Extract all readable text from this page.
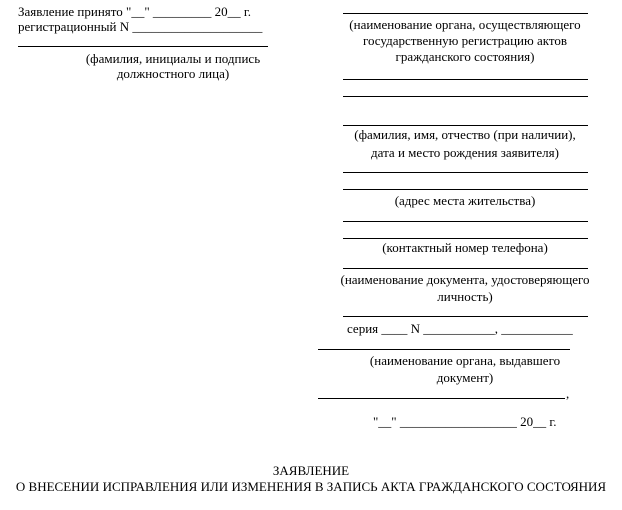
Заявление принято "__" _________ 20__ г.
регистрационный N ____________________
(фамилия, инициалы и подпись
должностного лица)
(наименование органа, осуществляющего
государственную регистрацию актов
гражданского состояния)
(фамилия, имя, отчество (при наличии),
дата и место рождения заявителя)
(адрес места жительства)
(контактный номер телефона)
(наименование документа, удостоверяющего
личность)
серия ____ N ___________, ___________
(наименование органа, выдавшего
документ)
,
"__" __________________ 20__ г.
ЗАЯВЛЕНИЕ
О ВНЕСЕНИИ ИСПРАВЛЕНИЯ ИЛИ ИЗМЕНЕНИЯ В ЗАПИСЬ АКТА ГРАЖДАНСКОГО СОСТОЯНИЯ
